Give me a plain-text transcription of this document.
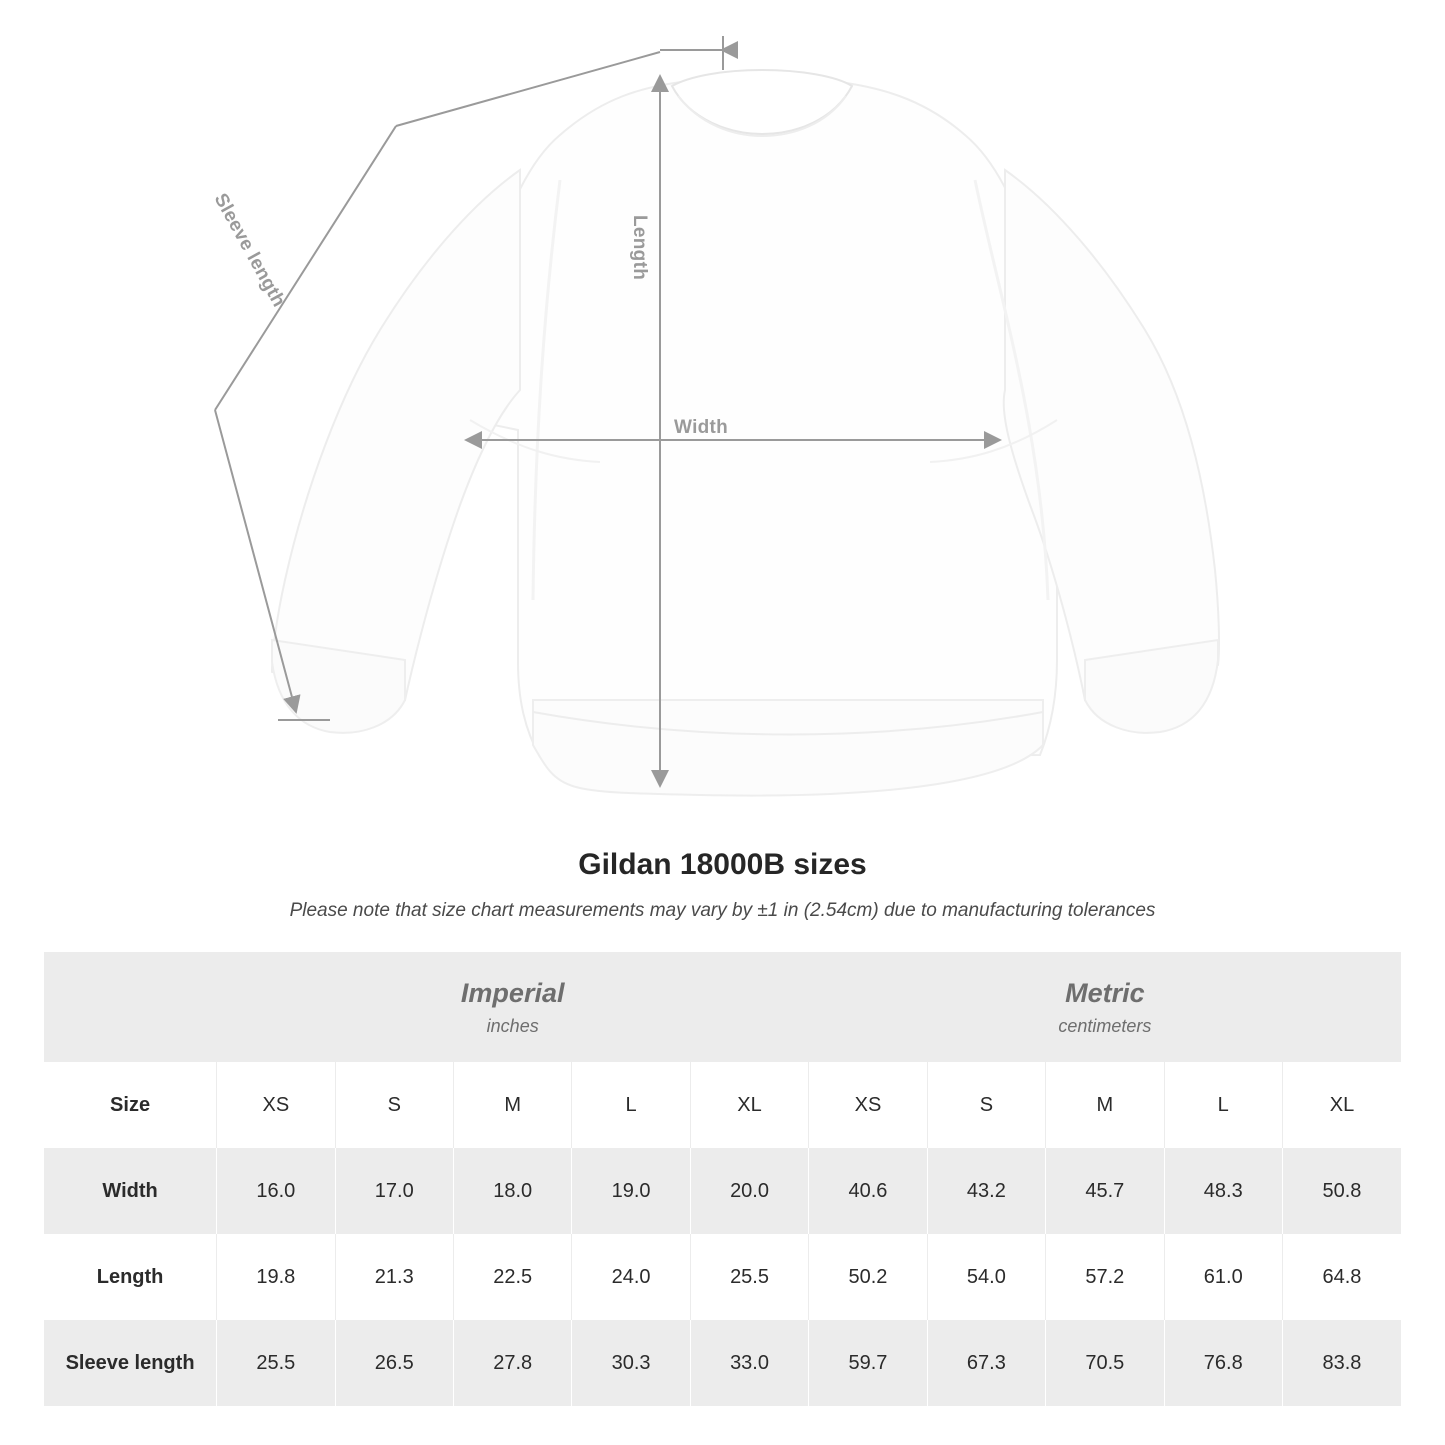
Width
Length
Sleeve length
Gildan 18000B sizes

Please note that size chart measurements may vary by ±1 in (2.54cm) due to manufacturing tolerances

Imperial
inches

Metric
centimeters

Size	XS	S	M	L	XL	XS	S	M	L	XL
Width	16.0	17.0	18.0	19.0	20.0	40.6	43.2	45.7	48.3	50.8
Length	19.8	21.3	22.5	24.0	25.5	50.2	54.0	57.2	61.0	64.8
Sleeve length	25.5	26.5	27.8	30.3	33.0	59.7	67.3	70.5	76.8	83.8
